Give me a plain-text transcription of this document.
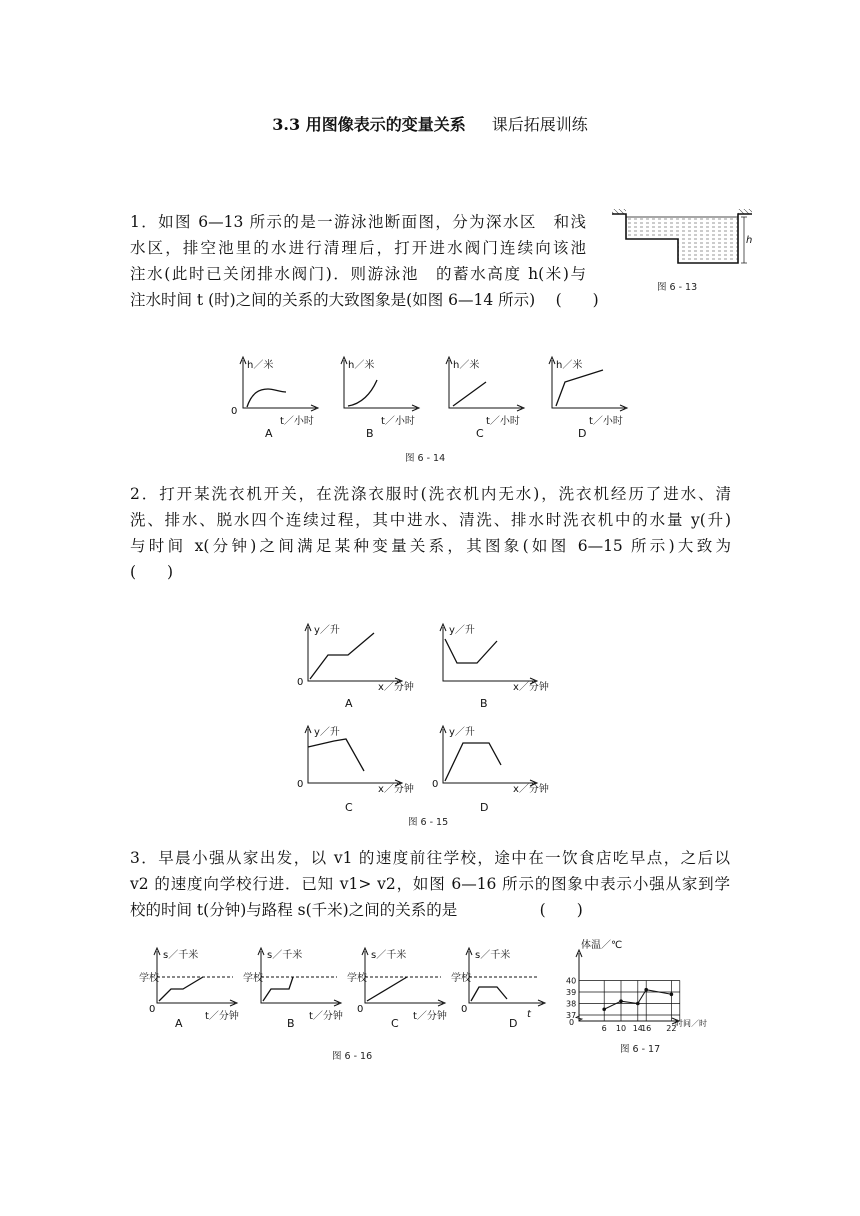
3.3 用图像表示的变量关系 课后拓展训练
1．如图 6—13 所示的是一游泳池断面图，分为深水区　和浅
水区，排空池里的水进行清理后，打开进水阀门连续向该池
注水(此时已关闭排水阀门)．则游泳池　的蓄水高度 h(米)与
注水时间 t (时)之间的关系的大致图象是(如图 6—14 所示)　 (　　)
h
图 6 - 13
h／米
0
t／小时
A
h／米
t／小时
B
h／米
t／小时
C
h／米
t／小时
D
图 6 - 14
2．打开某洗衣机开关，在洗涤衣服时(洗衣机内无水)，洗衣机经历了进水、清
洗、排水、脱水四个连续过程，其中进水、清洗、排水时洗衣机中的水量 y(升)
与时间 x(分钟)之间满足某种变量关系，其图象(如图 6—15 所示)大致为
(　　)
y／升
0	x／分钟
A
y／升
x／分钟
B
y／升
0	x／分钟
C
y／升
0	x／分钟
D
图 6 - 15
3．早晨小强从家出发，以 v1 的速度前往学校，途中在一饮食店吃早点，之后以
v2 的速度向学校行进．已知 v1> v2，如图 6—16 所示的图象中表示小强从家到学
校的时间 t(分钟)与路程 s(千米)之间的关系的是　　　　　 (　　)
s／千米
学校
0
t／分钟
A
s／千米
学校
t／分钟
B
s／千米
学校
0
t／分钟
C
s／千米
学校
0	t
D
图 6 - 16
体温／℃
40
39
38
37
6 10 14
16 22
0	时间／时
图 6 - 17
